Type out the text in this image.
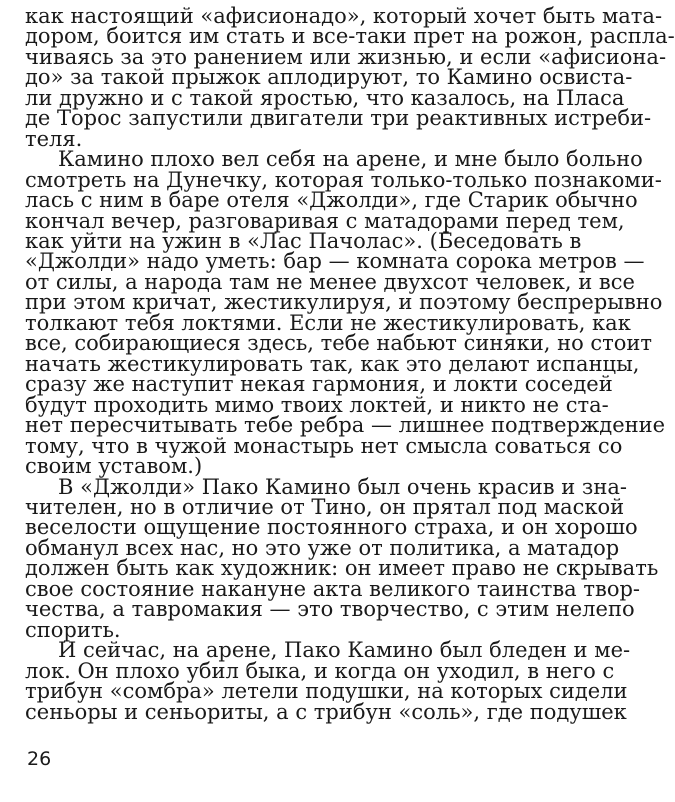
как настоящий «афисионадо», который хочет быть мата-
дором, боится им стать и все-таки прет на рожон, распла-
чиваясь за это ранением или жизнью, и если «афисиона-
до» за такой прыжок аплодируют, то Камино освиста-
ли дружно и с такой яростью, что казалось, на Пласа
де Торос запустили двигатели три реактивных истреби-
теля.
Камино плохо вел себя на арене, и мне было больно
смотреть на Дунечку, которая только-только познакоми-
лась с ним в баре отеля «Джолди», где Старик обычно
кончал вечер, разговаривая с матадорами перед тем,
как уйти на ужин в «Лас Пачолас». (Беседовать в
«Джолди» надо уметь: бар — комната сорока метров —
от силы, а народа там не менее двухсот человек, и все
при этом кричат, жестикулируя, и поэтому беспрерывно
толкают тебя локтями. Если не жестикулировать, как
все, собирающиеся здесь, тебе набьют синяки, но стоит
начать жестикулировать так, как это делают испанцы,
сразу же наступит некая гармония, и локти соседей
будут проходить мимо твоих локтей, и никто не ста-
нет пересчитывать тебе ребра — лишнее подтверждение
тому, что в чужой монастырь нет смысла соваться со
своим уставом.)
В «Джолди» Пако Камино был очень красив и зна-
чителен, но в отличие от Тино, он прятал под маской
веселости ощущение постоянного страха, и он хорошо
обманул всех нас, но это уже от политика, а матадор
должен быть как художник: он имеет право не скрывать
свое состояние накануне акта великого таинства твор-
чества, а тавромакия — это творчество, с этим нелепо
спорить.
И сейчас, на арене, Пако Камино был бледен и ме-
лок. Он плохо убил быка, и когда он уходил, в него с
трибун «сомбра» летели подушки, на которых сидели
сеньоры и сеньориты, а с трибун «соль», где подушек
26
